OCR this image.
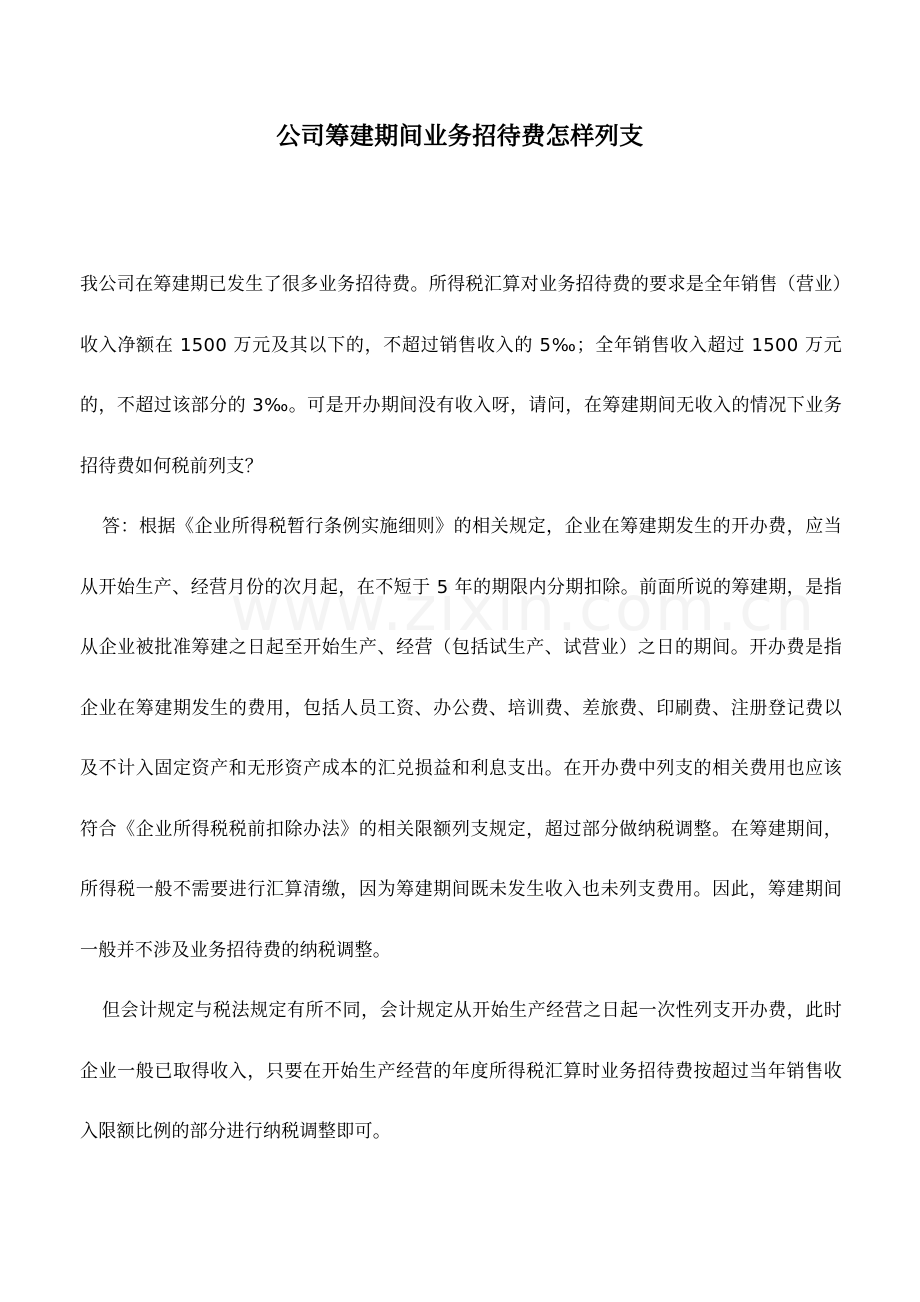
公司筹建期间业务招待费怎样列支

我公司在筹建期已发生了很多业务招待费。所得税汇算对业务招待费的要求是全年销售（营业）收入净额在 1500 万元及其以下的，不超过销售收入的 5‰；全年销售收入超过 1500 万元的，不超过该部分的 3‰。可是开办期间没有收入呀，请问，在筹建期间无收入的情况下业务招待费如何税前列支？

答：根据《企业所得税暂行条例实施细则》的相关规定，企业在筹建期发生的开办费，应当从开始生产、经营月份的次月起，在不短于 5 年的期限内分期扣除。前面所说的筹建期，是指从企业被批准筹建之日起至开始生产、经营（包括试生产、试营业）之日的期间。开办费是指企业在筹建期发生的费用，包括人员工资、办公费、培训费、差旅费、印刷费、注册登记费以及不计入固定资产和无形资产成本的汇兑损益和利息支出。在开办费中列支的相关费用也应该符合《企业所得税税前扣除办法》的相关限额列支规定，超过部分做纳税调整。在筹建期间，所得税一般不需要进行汇算清缴，因为筹建期间既未发生收入也未列支费用。因此，筹建期间一般并不涉及业务招待费的纳税调整。

但会计规定与税法规定有所不同，会计规定从开始生产经营之日起一次性列支开办费，此时企业一般已取得收入，只要在开始生产经营的年度所得税汇算时业务招待费按超过当年销售收入限额比例的部分进行纳税调整即可。
